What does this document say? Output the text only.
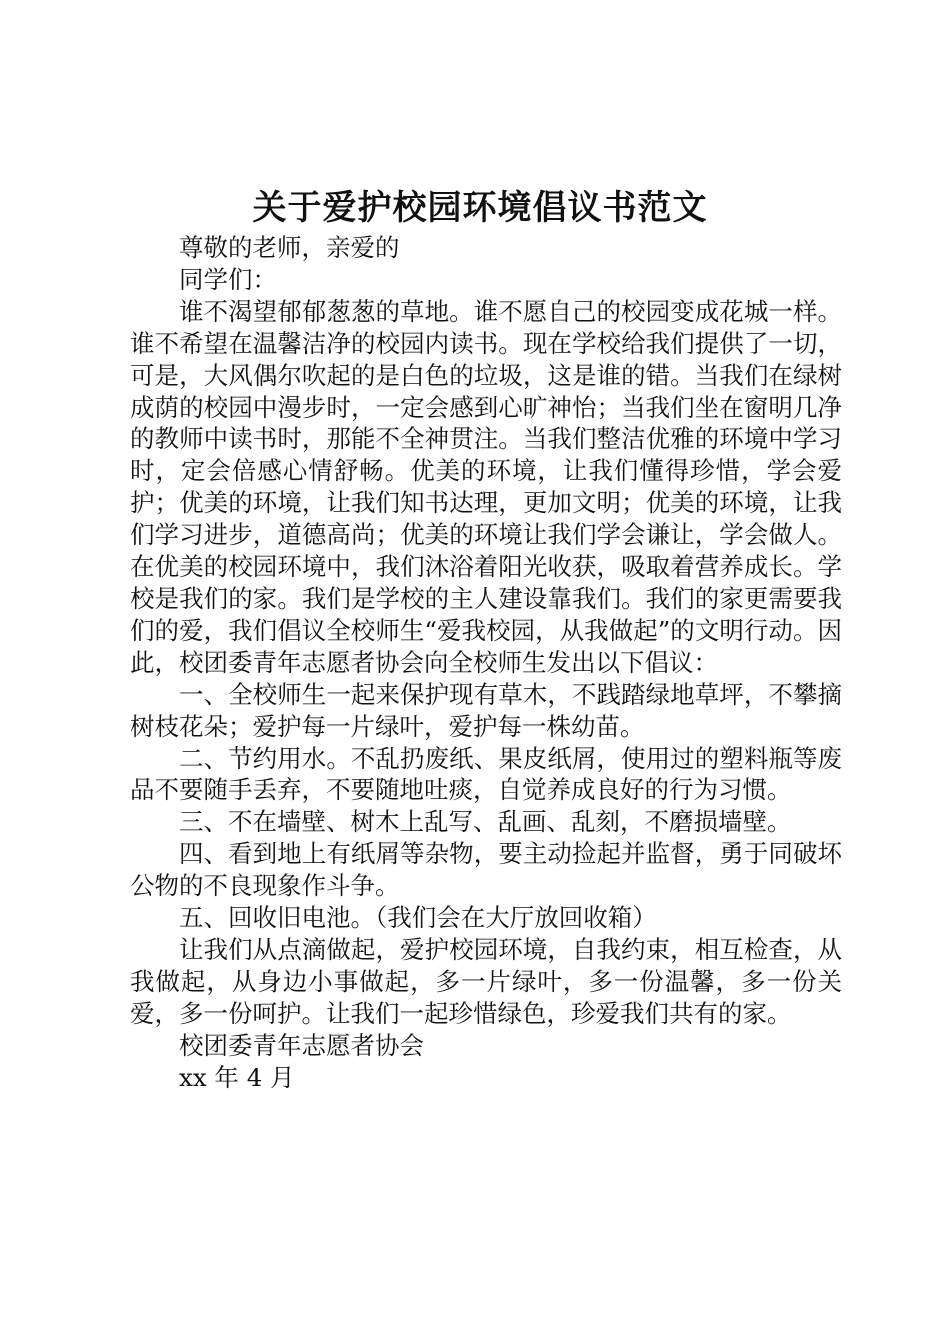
关于爱护校园环境倡议书范文

尊敬的老师，亲爱的

同学们：

谁不渴望郁郁葱葱的草地。谁不愿自己的校园变成花城一样。谁不希望在温馨洁净的校园内读书。现在学校给我们提供了一切，可是，大风偶尔吹起的是白色的垃圾，这是谁的错。当我们在绿树成荫的校园中漫步时，一定会感到心旷神怡；当我们坐在窗明几净的教师中读书时，那能不全神贯注。当我们整洁优雅的环境中学习时，定会倍感心情舒畅。优美的环境，让我们懂得珍惜，学会爱护；优美的环境，让我们知书达理，更加文明；优美的环境，让我们学习进步，道德高尚；优美的环境让我们学会谦让，学会做人。在优美的校园环境中，我们沐浴着阳光收获，吸取着营养成长。学校是我们的家。我们是学校的主人建设靠我们。我们的家更需要我们的爱，我们倡议全校师生“爱我校园，从我做起”的文明行动。因此，校团委青年志愿者协会向全校师生发出以下倡议：

一、全校师生一起来保护现有草木，不践踏绿地草坪，不攀摘树枝花朵；爱护每一片绿叶，爱护每一株幼苗。

二、节约用水。不乱扔废纸、果皮纸屑，使用过的塑料瓶等废品不要随手丢弃，不要随地吐痰，自觉养成良好的行为习惯。

三、不在墙壁、树木上乱写、乱画、乱刻，不磨损墙壁。

四、看到地上有纸屑等杂物，要主动捡起并监督，勇于同破坏公物的不良现象作斗争。

五、回收旧电池。（我们会在大厅放回收箱）

让我们从点滴做起，爱护校园环境，自我约束，相互检查，从我做起，从身边小事做起，多一片绿叶，多一份温馨，多一份关爱，多一份呵护。让我们一起珍惜绿色，珍爱我们共有的家。

校团委青年志愿者协会

xx 年 4 月
